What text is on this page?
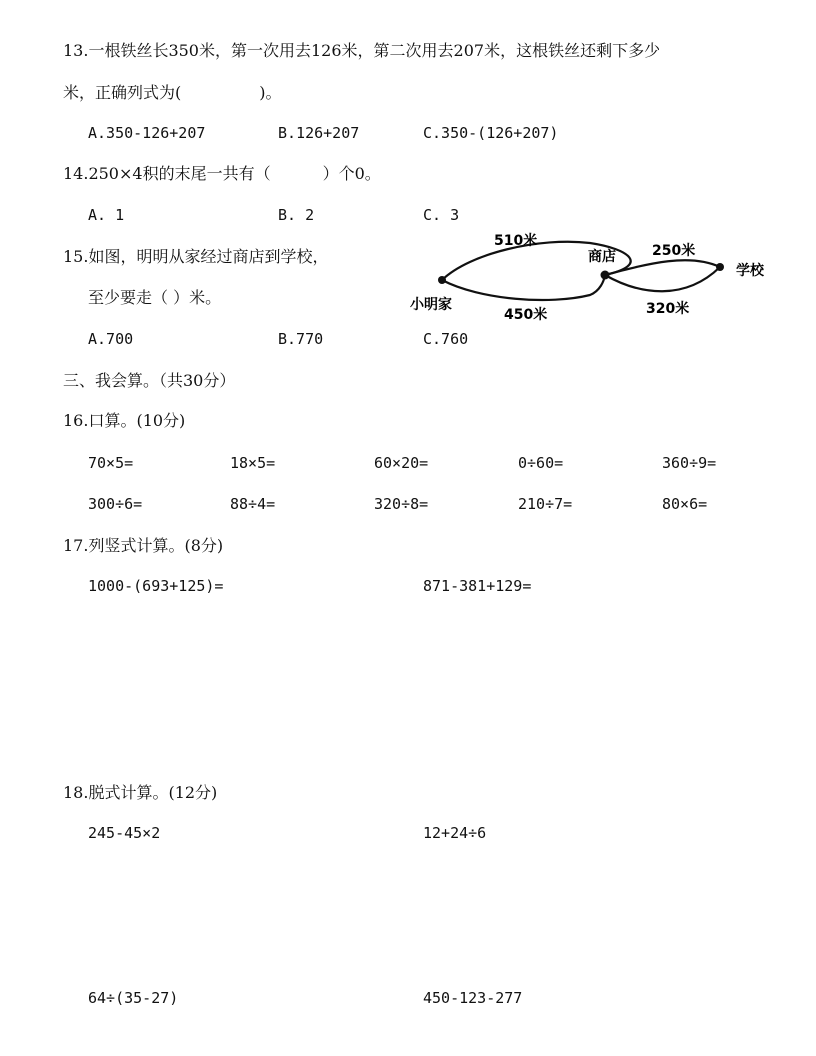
13.一根铁丝长350米，第一次用去126米，第二次用去207米，这根铁丝还剩下多少
米，正确列式为(	)。
A.350-126+207	B.126+207	C.350-(126+207)
14.250×4积的末尾一共有（	）个0。
A. 1	B. 2	C. 3
15.如图，明明从家经过商店到学校，
至少要走（ ）米。
A.700	B.770	C.760
小明家
商店
学校
510米
450米
250米
320米
三、我会算。（共30分）
16.口算。(10分)
70×5=	18×5=	60×20=	0÷60=	360÷9=
300÷6=	88÷4=	320÷8=	210÷7=	80×6=
17.列竖式计算。(8分)
1000-(693+125)=	871-381+129=
18.脱式计算。(12分)
245-45×2	12+24÷6
64÷(35-27)	450-123-277
